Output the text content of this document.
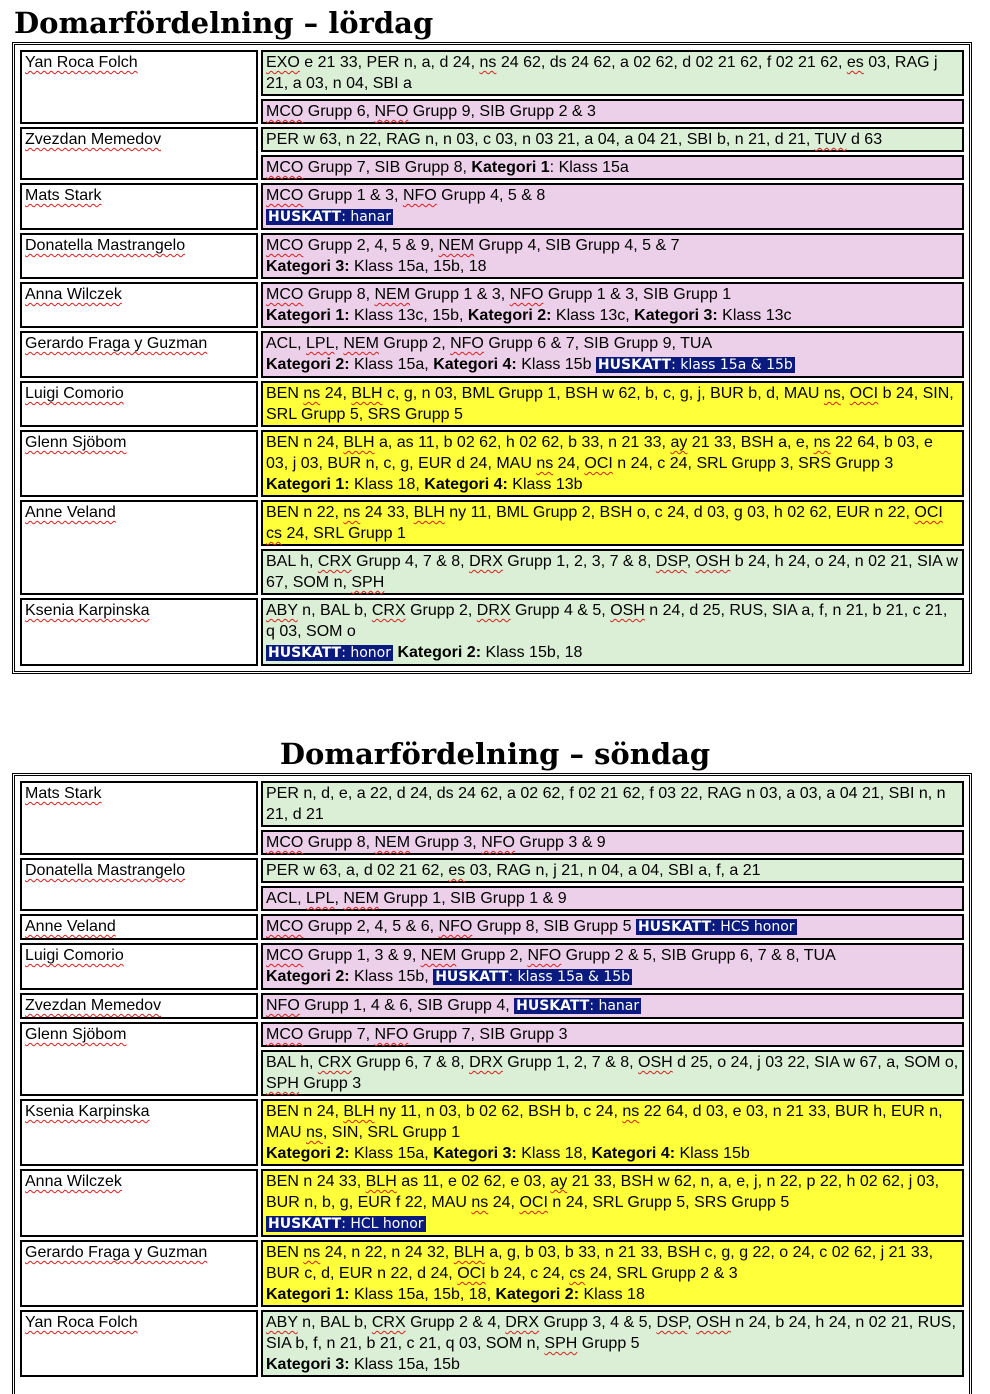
Domarfördelning – lördag
Yan Roca Folch	EXO e 21 33, PER n, a, d 24, ns 24 62, ds 24 62, a 02 62, d 02 21 62, f 02 21 62, es 03, RAG j 21, a 03, n 04, SBI a
	MCO Grupp 6, NFO Grupp 9, SIB Grupp 2 & 3
Zvezdan Memedov	PER w 63, n 22, RAG n, n 03, c 03, n 03 21, a 04, a 04 21, SBI b, n 21, d 21, TUV d 63
	MCO Grupp 7, SIB Grupp 8, Kategori 1: Klass 15a
Mats Stark	MCO Grupp 1 & 3, NFO Grupp 4, 5 & 8
HUSKATT: hanar
Donatella Mastrangelo	MCO Grupp 2, 4, 5 & 9, NEM Grupp 4, SIB Grupp 4, 5 & 7
Kategori 3: Klass 15a, 15b, 18
Anna Wilczek	MCO Grupp 8, NEM Grupp 1 & 3, NFO Grupp 1 & 3, SIB Grupp 1
Kategori 1: Klass 13c, 15b, Kategori 2: Klass 13c, Kategori 3: Klass 13c
Gerardo Fraga y Guzman	ACL, LPL, NEM Grupp 2, NFO Grupp 6 & 7, SIB Grupp 9, TUA
Kategori 2: Klass 15a, Kategori 4: Klass 15b HUSKATT: klass 15a & 15b
Luigi Comorio	BEN ns 24, BLH c, g, n 03, BML Grupp 1, BSH w 62, b, c, g, j, BUR b, d, MAU ns, OCI b 24, SIN, SRL Grupp 5, SRS Grupp 5
Glenn Sjöbom	BEN n 24, BLH a, as 11, b 02 62, h 02 62, b 33, n 21 33, ay 21 33, BSH a, e, ns 22 64, b 03, e 03, j 03, BUR n, c, g, EUR d 24, MAU ns 24, OCI n 24, c 24, SRL Grupp 3, SRS Grupp 3
Kategori 1: Klass 18, Kategori 4: Klass 13b
Anne Veland	BEN n 22, ns 24 33, BLH ny 11, BML Grupp 2, BSH o, c 24, d 03, g 03, h 02 62, EUR n 22, OCI cs 24, SRL Grupp 1
	BAL h, CRX Grupp 4, 7 & 8, DRX Grupp 1, 2, 3, 7 & 8, DSP, OSH b 24, h 24, o 24, n 02 21, SIA w 67, SOM n, SPH
Ksenia Karpinska	ABY n, BAL b, CRX Grupp 2, DRX Grupp 4 & 5, OSH n 24, d 25, RUS, SIA a, f, n 21, b 21, c 21, q 03, SOM o
HUSKATT: honor Kategori 2: Klass 15b, 18
Domarfördelning – söndag
Mats Stark	PER n, d, e, a 22, d 24, ds 24 62, a 02 62, f 02 21 62, f 03 22, RAG n 03, a 03, a 04 21, SBI n, n 21, d 21
	MCO Grupp 8, NEM Grupp 3, NFO Grupp 3 & 9
Donatella Mastrangelo	PER w 63, a, d 02 21 62, es 03, RAG n, j 21, n 04, a 04, SBI a, f, a 21
	ACL, LPL, NEM Grupp 1, SIB Grupp 1 & 9
Anne Veland	MCO Grupp 2, 4, 5 & 6, NFO Grupp 8, SIB Grupp 5 HUSKATT: HCS honor
Luigi Comorio	MCO Grupp 1, 3 & 9, NEM Grupp 2, NFO Grupp 2 & 5, SIB Grupp 6, 7 & 8, TUA
Kategori 2: Klass 15b, HUSKATT: klass 15a & 15b
Zvezdan Memedov	NFO Grupp 1, 4 & 6, SIB Grupp 4, HUSKATT: hanar
Glenn Sjöbom	MCO Grupp 7, NFO Grupp 7, SIB Grupp 3
	BAL h, CRX Grupp 6, 7 & 8, DRX Grupp 1, 2, 7 & 8, OSH d 25, o 24, j 03 22, SIA w 67, a, SOM o, SPH Grupp 3
Ksenia Karpinska	BEN n 24, BLH ny 11, n 03, b 02 62, BSH b, c 24, ns 22 64, d 03, e 03, n 21 33, BUR h, EUR n, MAU ns, SIN, SRL Grupp 1
Kategori 2: Klass 15a, Kategori 3: Klass 18, Kategori 4: Klass 15b
Anna Wilczek	BEN n 24 33, BLH as 11, e 02 62, e 03, ay 21 33, BSH w 62, n, a, e, j, n 22, p 22, h 02 62, j 03, BUR n, b, g, EUR f 22, MAU ns 24, OCI n 24, SRL Grupp 5, SRS Grupp 5
HUSKATT: HCL honor
Gerardo Fraga y Guzman	BEN ns 24, n 22, n 24 32, BLH a, g, b 03, b 33, n 21 33, BSH c, g, g 22, o 24, c 02 62, j 21 33, BUR c, d, EUR n 22, d 24, OCI b 24, c 24, cs 24, SRL Grupp 2 & 3
Kategori 1: Klass 15a, 15b, 18, Kategori 2: Klass 18
Yan Roca Folch	ABY n, BAL b, CRX Grupp 2 & 4, DRX Grupp 3, 4 & 5, DSP, OSH n 24, b 24, h 24, n 02 21, RUS, SIA b, f, n 21, b 21, c 21, q 03, SOM n, SPH Grupp 5
Kategori 3: Klass 15a, 15b
